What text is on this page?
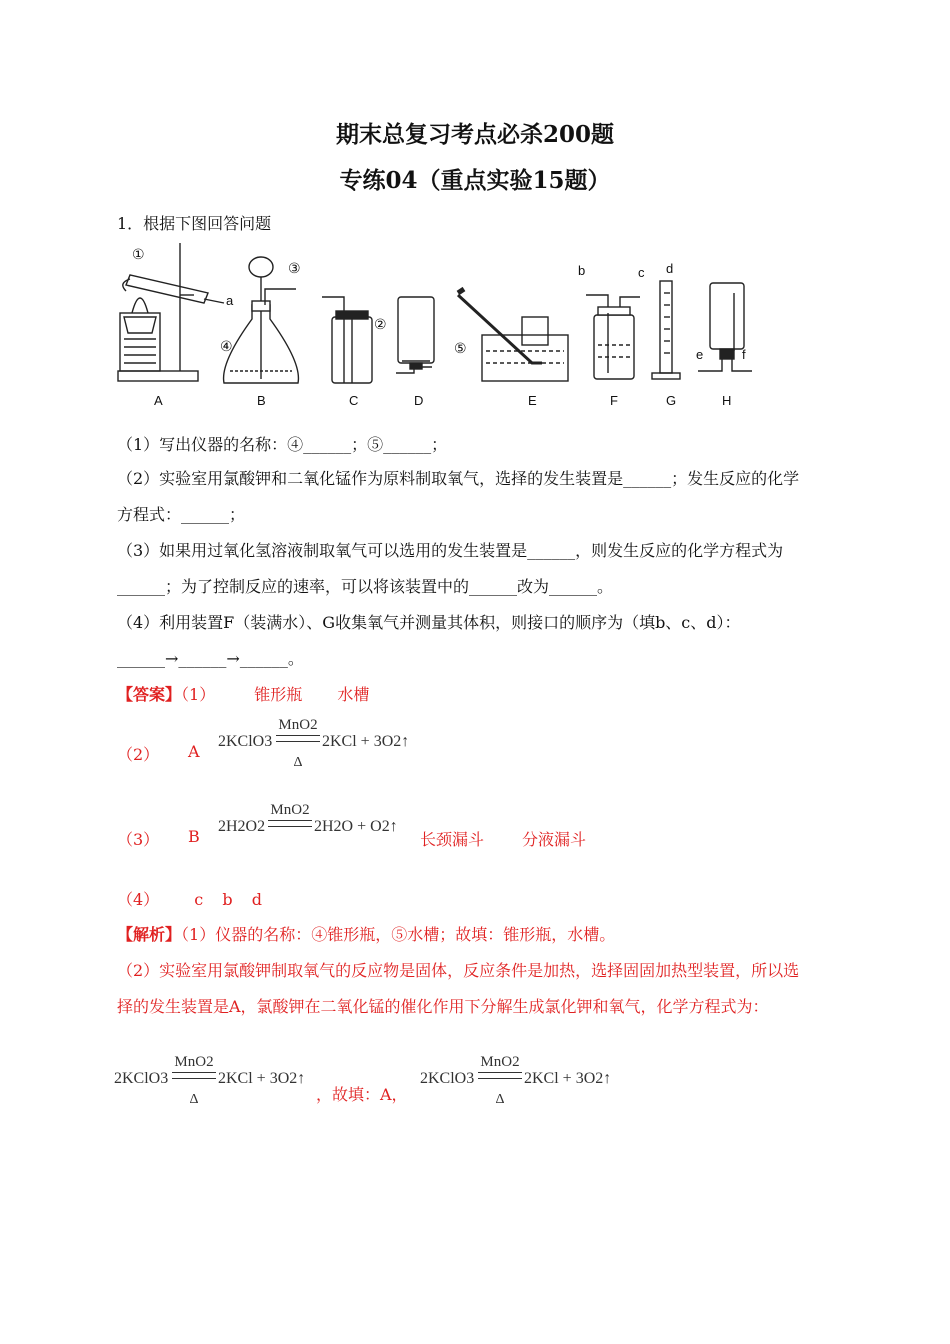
期末总复习考点必杀200题
专练04（重点实验15题）
1．根据下图回答问题
A	B	C	D	E	F	G	H
a
b	c d
e	f
①
②
③
④	⑤
（1）写出仪器的名称：④______；⑤______；
（2）实验室用氯酸钾和二氧化锰作为原料制取氧气，选择的发生装置是______；发生反应的化学
方程式：______；
（3）如果用过氧化氢溶液制取氧气可以选用的发生装置是______，则发生反应的化学方程式为
______；为了控制反应的速率，可以将该装置中的______改为______。
（4）利用装置F（装满水）、G收集氧气并测量其体积，则接口的顺序为（填b、c、d）：
______→______→______。
【答案】（1） 锥形瓶 水槽
（2） A
2KClO3
MnO2
Δ
2KCl + 3O2↑
（3） B
2H2O2
MnO2
2H2O + O2↑
长颈漏斗 分液漏斗
（4） c b d
【解析】（1）仪器的名称：④锥形瓶，⑤水槽；故填：锥形瓶，水槽。
（2）实验室用氯酸钾制取氧气的反应物是固体，反应条件是加热，选择固固加热型装置，所以选
择的发生装置是A，氯酸钾在二氧化锰的催化作用下分解生成氯化钾和氧气，化学方程式为：
2KClO3
MnO2
Δ
2KCl + 3O2↑
，故填：A，
2KClO3
MnO2
Δ
2KCl + 3O2↑
